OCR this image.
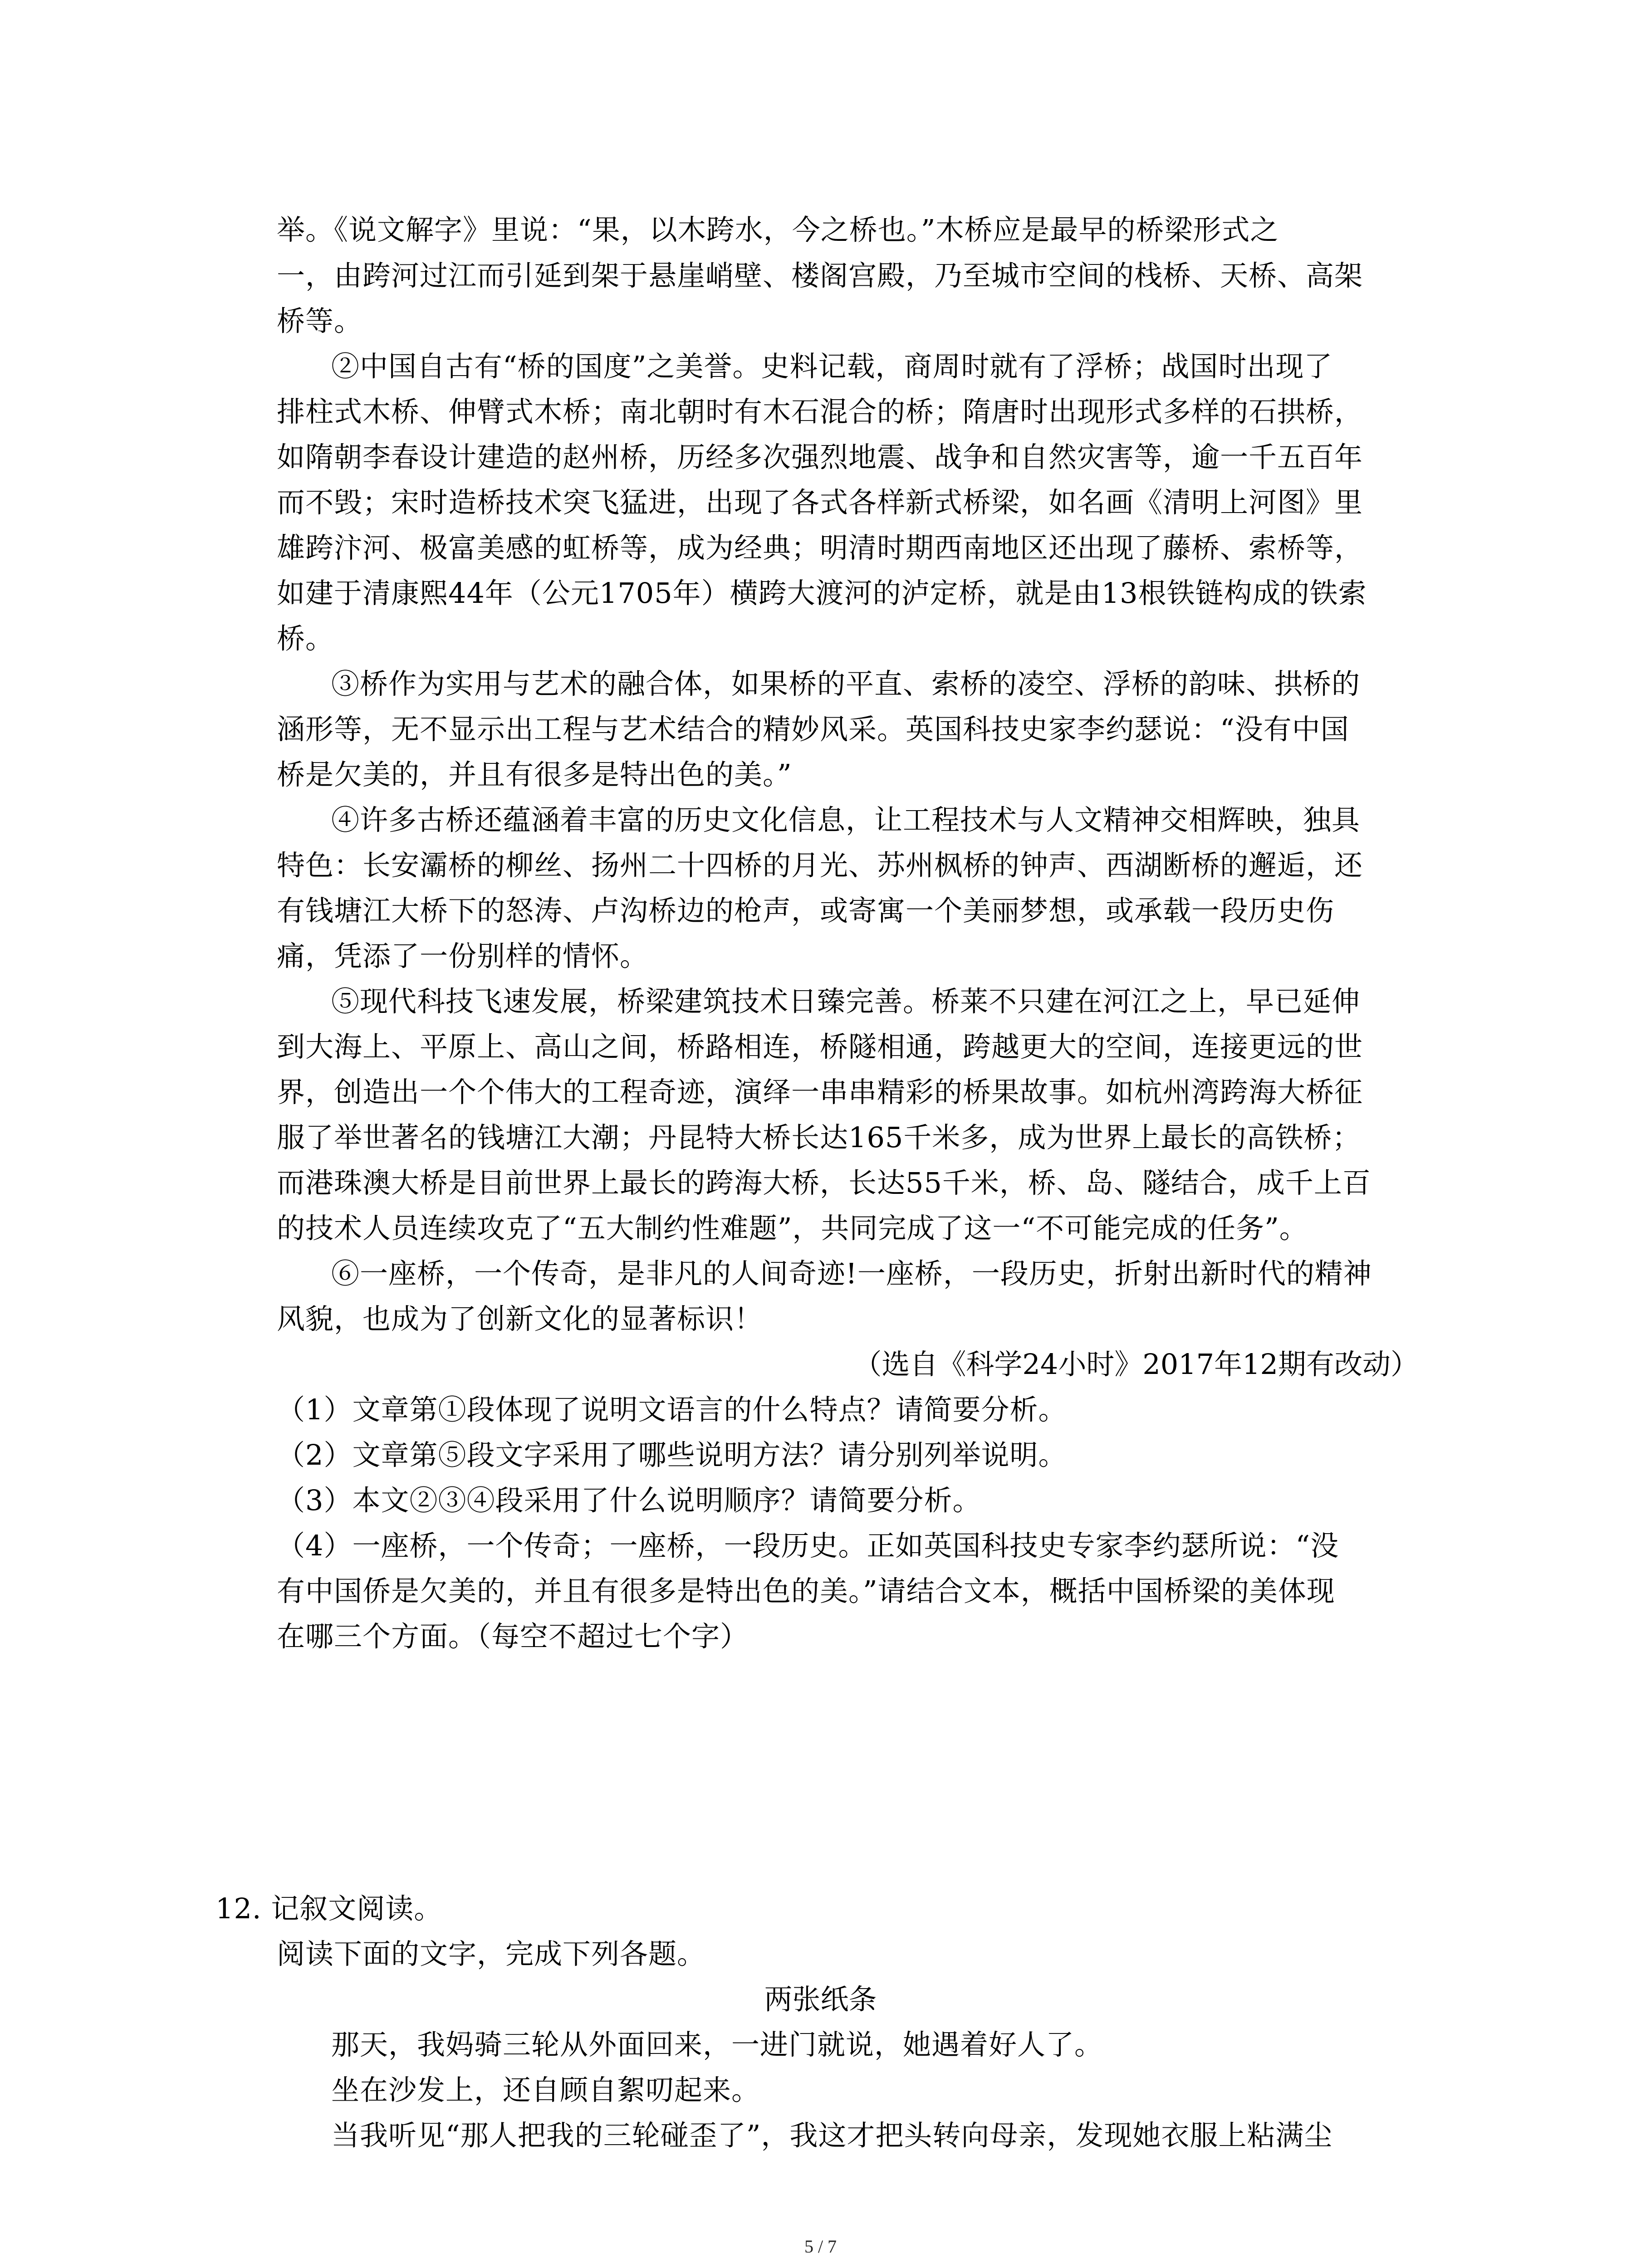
举。《说文解字》里说：“果，以木跨水，今之桥也。”木桥应是最早的桥梁形式之
一，由跨河过江而引延到架于悬崖峭壁、楼阁宫殿，乃至城市空间的栈桥、天桥、高架
桥等。
②中国自古有“桥的国度”之美誉。史料记载，商周时就有了浮桥；战国时出现了
排柱式木桥、伸臂式木桥；南北朝时有木石混合的桥；隋唐时出现形式多样的石拱桥，
如隋朝李春设计建造的赵州桥，历经多次强烈地震、战争和自然灾害等，逾一千五百年
而不毁；宋时造桥技术突飞猛进，出现了各式各样新式桥梁，如名画《清明上河图》里
雄跨汴河、极富美感的虹桥等，成为经典；明清时期西南地区还出现了藤桥、索桥等，
如建于清康熙44年（公元1705年）横跨大渡河的泸定桥，就是由13根铁链构成的铁索
桥。
③桥作为实用与艺术的融合体，如果桥的平直、索桥的凌空、浮桥的韵味、拱桥的
涵形等，无不显示出工程与艺术结合的精妙风采。英国科技史家李约瑟说：“没有中国
桥是欠美的，并且有很多是特出色的美。”
④许多古桥还蕴涵着丰富的历史文化信息，让工程技术与人文精神交相辉映，独具
特色：长安灞桥的柳丝、扬州二十四桥的月光、苏州枫桥的钟声、西湖断桥的邂逅，还
有钱塘江大桥下的怒涛、卢沟桥边的枪声，或寄寓一个美丽梦想，或承载一段历史伤
痛，凭添了一份别样的情怀。
⑤现代科技飞速发展，桥梁建筑技术日臻完善。桥莱不只建在河江之上，早已延伸
到大海上、平原上、高山之间，桥路相连，桥隧相通，跨越更大的空间，连接更远的世
界，创造出一个个伟大的工程奇迹，演绎一串串精彩的桥果故事。如杭州湾跨海大桥征
服了举世著名的钱塘江大潮；丹昆特大桥长达165千米多，成为世界上最长的高铁桥；
而港珠澳大桥是目前世界上最长的跨海大桥，长达55千米，桥、岛、隧结合，成千上百
的技术人员连续攻克了“五大制约性难题”，共同完成了这一“不可能完成的任务”。
⑥一座桥，一个传奇，是非凡的人间奇迹!一座桥，一段历史，折射出新时代的精神
风貌，也成为了创新文化的显著标识！
（选自《科学24小时》2017年12期有改动）
（1）文章第①段体现了说明文语言的什么特点？请简要分析。
（2）文章第⑤段文字采用了哪些说明方法？请分别列举说明。
（3）本文②③④段采用了什么说明顺序？请简要分析。
（4）一座桥，一个传奇；一座桥，一段历史。正如英国科技史专家李约瑟所说：“没
有中国侨是欠美的，并且有很多是特出色的美。”请结合文本，概括中国桥梁的美体现
在哪三个方面。（每空不超过七个字）
12. 记叙文阅读。
阅读下面的文字，完成下列各题。
两张纸条
那天，我妈骑三轮从外面回来，一进门就说，她遇着好人了。
坐在沙发上，还自顾自絮叨起来。
当我听见“那人把我的三轮碰歪了”，我这才把头转向母亲，发现她衣服上粘满尘
5 / 7
